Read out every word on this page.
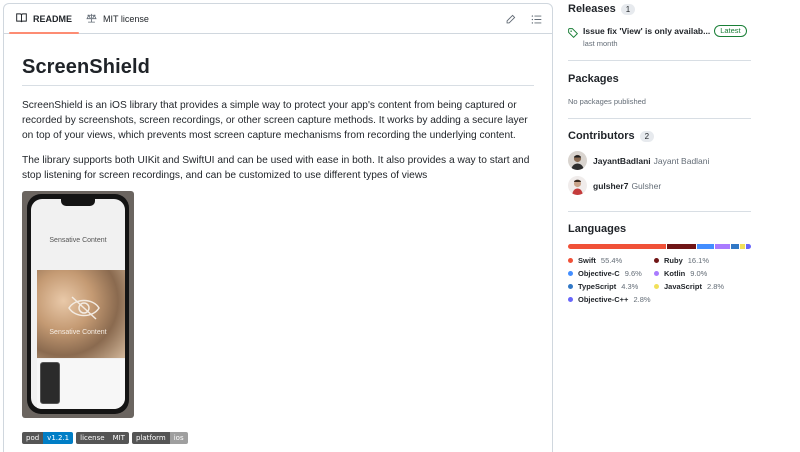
README	MIT license
ScreenShield

ScreenShield is an iOS library that provides a simple way to protect your app's content from being captured or recorded by screenshots, screen recordings, or other screen capture methods. It works by adding a secure layer on top of your views, which prevents most screen capture mechanisms from recording the underlying content.

The library supports both UIKit and SwiftUI and can be used with ease in both. It also provides a way to start and stop listening for screen recordings, and can be customized to use different types of views

Sensative Content
Sensative Content
pod	v1.2.1	license	MIT	platform	ios
Releases	1
Issue fix 'View' is only availab...	Latest
last month
Packages
No packages published
Contributors	2
JayantBadlani Jayant Badlani
gulsher7 Gulsher
Languages
Swift 55.4%	Ruby 16.1%
Objective-C 9.6%	Kotlin 9.0%
TypeScript 4.3%	JavaScript 2.8%
Objective-C++ 2.8%
